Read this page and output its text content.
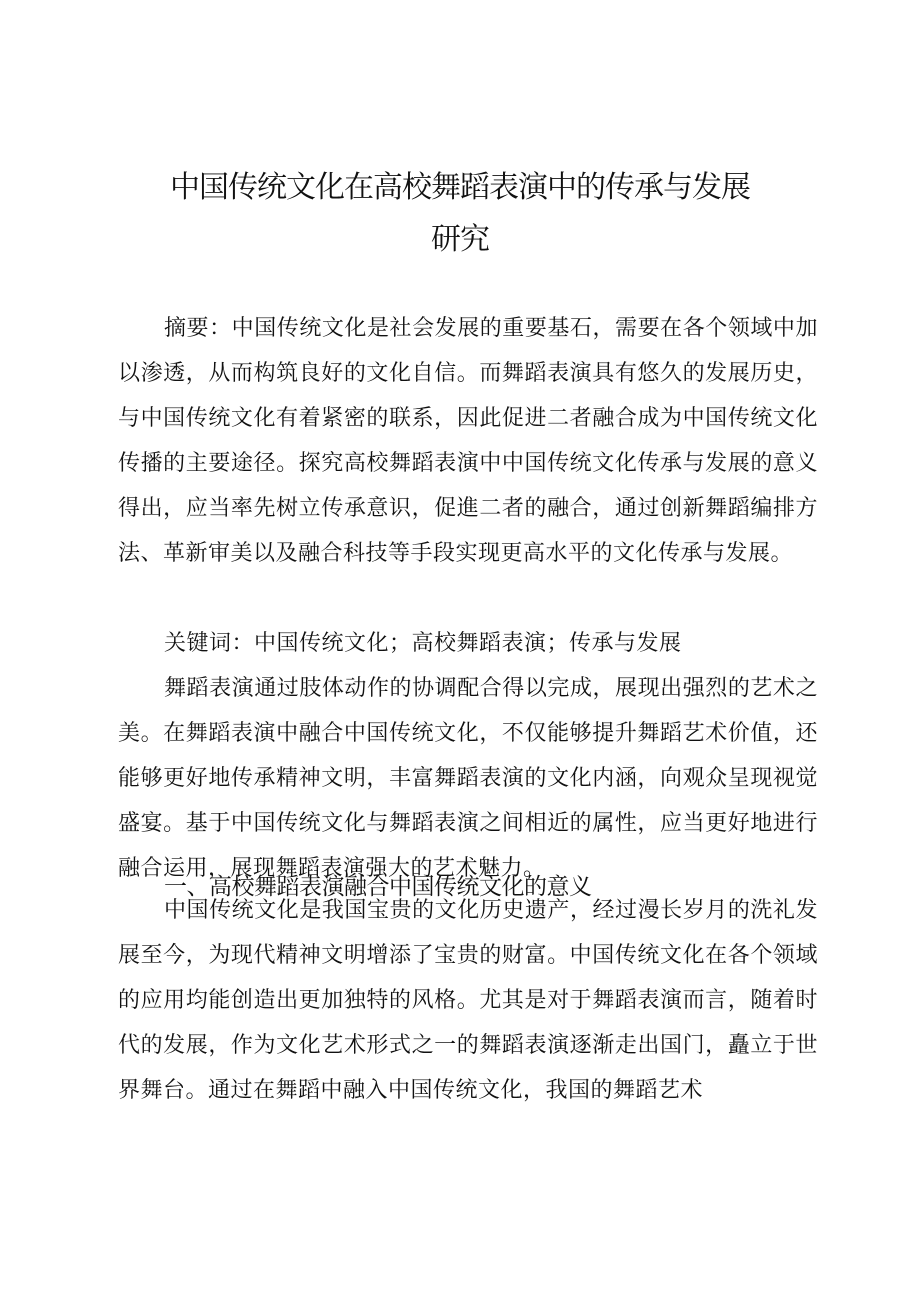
中国传统文化在高校舞蹈表演中的传承与发展
研究

摘要：中国传统文化是社会发展的重要基石，需要在各个领域中加以渗透，从而构筑良好的文化自信。而舞蹈表演具有悠久的发展历史，与中国传统文化有着紧密的联系，因此促进二者融合成为中国传统文化传播的主要途径。探究高校舞蹈表演中中国传统文化传承与发展的意义得出，应当率先树立传承意识，促進二者的融合，通过创新舞蹈编排方法、革新审美以及融合科技等手段实现更高水平的文化传承与发展。

关键词：中国传统文化；高校舞蹈表演；传承与发展

舞蹈表演通过肢体动作的协调配合得以完成，展现出强烈的艺术之美。在舞蹈表演中融合中国传统文化，不仅能够提升舞蹈艺术价值，还能够更好地传承精神文明，丰富舞蹈表演的文化内涵，向观众呈现视觉盛宴。基于中国传统文化与舞蹈表演之间相近的属性，应当更好地进行融合运用，展现舞蹈表演强大的艺术魅力。

一、高校舞蹈表演融合中国传统文化的意义

中国传统文化是我国宝贵的文化历史遗产，经过漫长岁月的洗礼发展至今，为现代精神文明增添了宝贵的财富。中国传统文化在各个领域的应用均能创造出更加独特的风格。尤其是对于舞蹈表演而言，随着时代的发展，作为文化艺术形式之一的舞蹈表演逐渐走出国门，矗立于世界舞台。通过在舞蹈中融入中国传统文化，我国的舞蹈艺术
